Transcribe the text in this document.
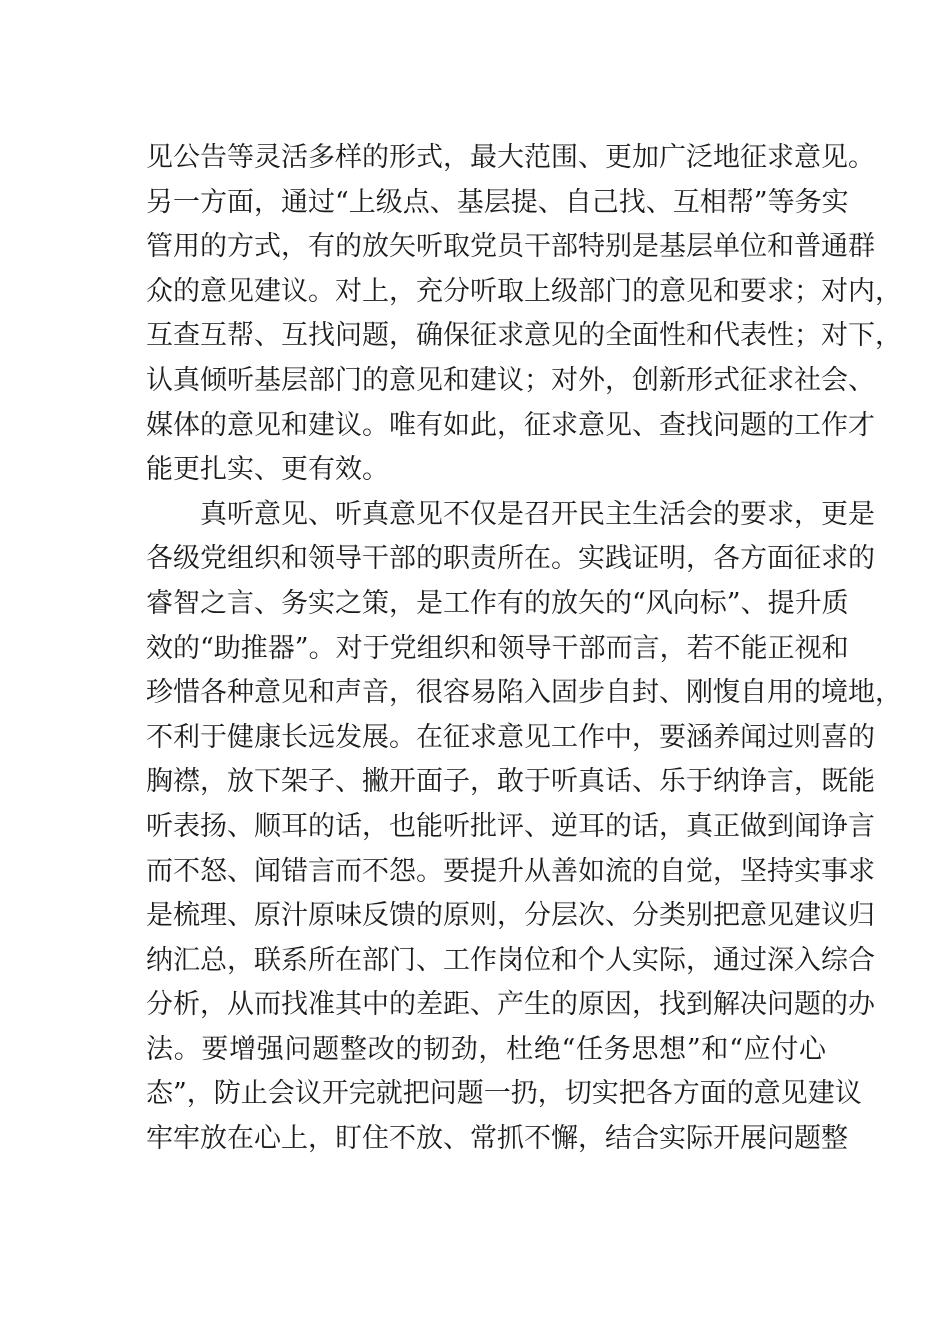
见公告等灵活多样的形式，最大范围、更加广泛地征求意见。
另一方面，通过“上级点、基层提、自己找、互相帮”等务实
管用的方式，有的放矢听取党员干部特别是基层单位和普通群
众的意见建议。对上，充分听取上级部门的意见和要求；对内，
互查互帮、互找问题，确保征求意见的全面性和代表性；对下，
认真倾听基层部门的意见和建议；对外，创新形式征求社会、
媒体的意见和建议。唯有如此，征求意见、查找问题的工作才
能更扎实、更有效。
真听意见、听真意见不仅是召开民主生活会的要求，更是
各级党组织和领导干部的职责所在。实践证明，各方面征求的
睿智之言、务实之策，是工作有的放矢的“风向标”、提升质
效的“助推器”。对于党组织和领导干部而言，若不能正视和
珍惜各种意见和声音，很容易陷入固步自封、刚愎自用的境地，
不利于健康长远发展。在征求意见工作中，要涵养闻过则喜的
胸襟，放下架子、撇开面子，敢于听真话、乐于纳诤言，既能
听表扬、顺耳的话，也能听批评、逆耳的话，真正做到闻诤言
而不怒、闻错言而不怨。要提升从善如流的自觉，坚持实事求
是梳理、原汁原味反馈的原则，分层次、分类别把意见建议归
纳汇总，联系所在部门、工作岗位和个人实际，通过深入综合
分析，从而找准其中的差距、产生的原因，找到解决问题的办
法。要增强问题整改的韧劲，杜绝“任务思想”和“应付心
态”，防止会议开完就把问题一扔，切实把各方面的意见建议
牢牢放在心上，盯住不放、常抓不懈，结合实际开展问题整
